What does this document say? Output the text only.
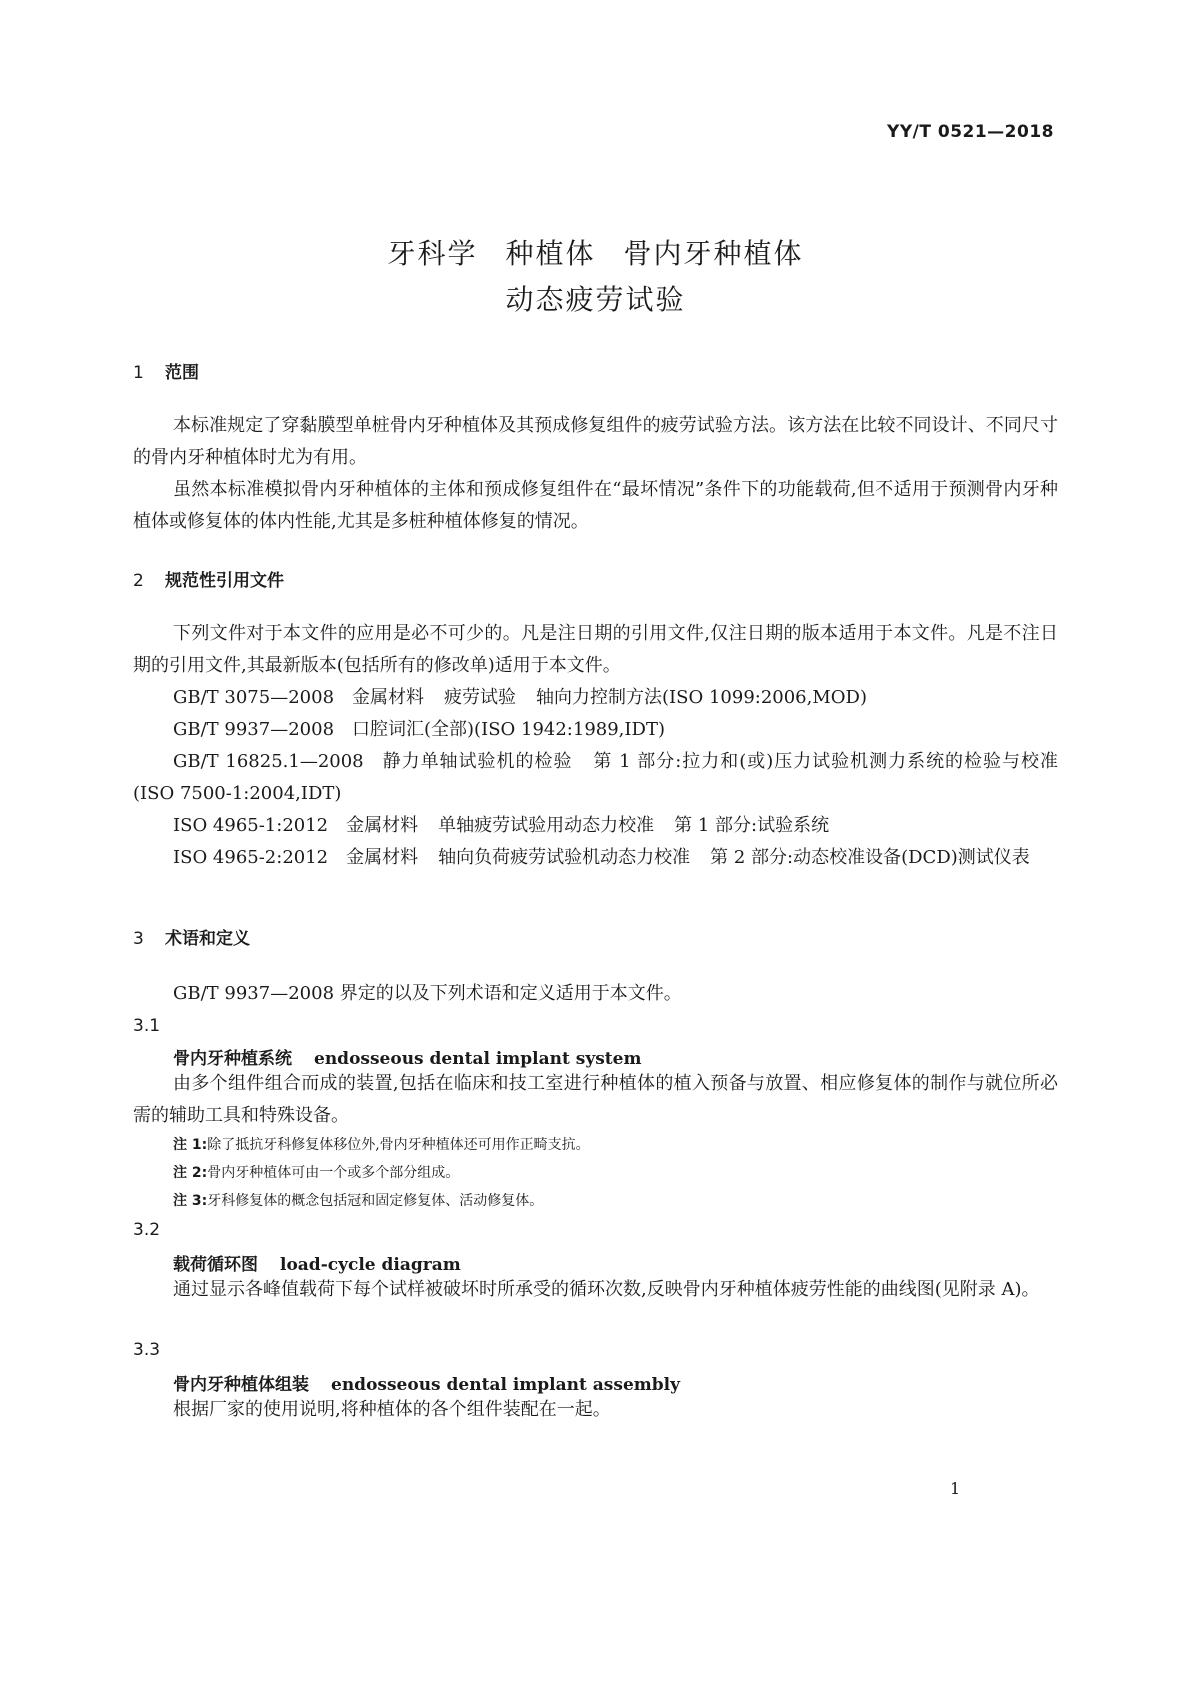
YY/T 0521—2018
牙科学 种植体 骨内牙种植体
动态疲劳试验
1 范围
本标准规定了穿黏膜型单桩骨内牙种植体及其预成修复组件的疲劳试验方法。该方法在比较不同设计、不同尺寸的骨内牙种植体时尤为有用。
虽然本标准模拟骨内牙种植体的主体和预成修复组件在“最坏情况”条件下的功能载荷,但不适用于预测骨内牙种植体或修复体的体内性能,尤其是多桩种植体修复的情况。
2 规范性引用文件
下列文件对于本文件的应用是必不可少的。凡是注日期的引用文件,仅注日期的版本适用于本文件。凡是不注日期的引用文件,其最新版本(包括所有的修改单)适用于本文件。
GB/T 3075—2008 金属材料 疲劳试验 轴向力控制方法(ISO 1099:2006,MOD)
GB/T 9937—2008 口腔词汇(全部)(ISO 1942:1989,IDT)
GB/T 16825.1—2008 静力单轴试验机的检验 第 1 部分:拉力和(或)压力试验机测力系统的检验与校准(ISO 7500-1:2004,IDT)
ISO 4965-1:2012 金属材料 单轴疲劳试验用动态力校准 第 1 部分:试验系统
ISO 4965-2:2012 金属材料 轴向负荷疲劳试验机动态力校准 第 2 部分:动态校准设备(DCD)测试仪表
3 术语和定义
GB/T 9937—2008 界定的以及下列术语和定义适用于本文件。
3.1
骨内牙种植系统 endosseous dental implant system
由多个组件组合而成的装置,包括在临床和技工室进行种植体的植入预备与放置、相应修复体的制作与就位所必需的辅助工具和特殊设备。
注 1:除了抵抗牙科修复体移位外,骨内牙种植体还可用作正畸支抗。
注 2:骨内牙种植体可由一个或多个部分组成。
注 3:牙科修复体的概念包括冠和固定修复体、活动修复体。
3.2
载荷循环图 load-cycle diagram
通过显示各峰值载荷下每个试样被破坏时所承受的循环次数,反映骨内牙种植体疲劳性能的曲线图(见附录 A)。
3.3
骨内牙种植体组装 endosseous dental implant assembly
根据厂家的使用说明,将种植体的各个组件装配在一起。
1
